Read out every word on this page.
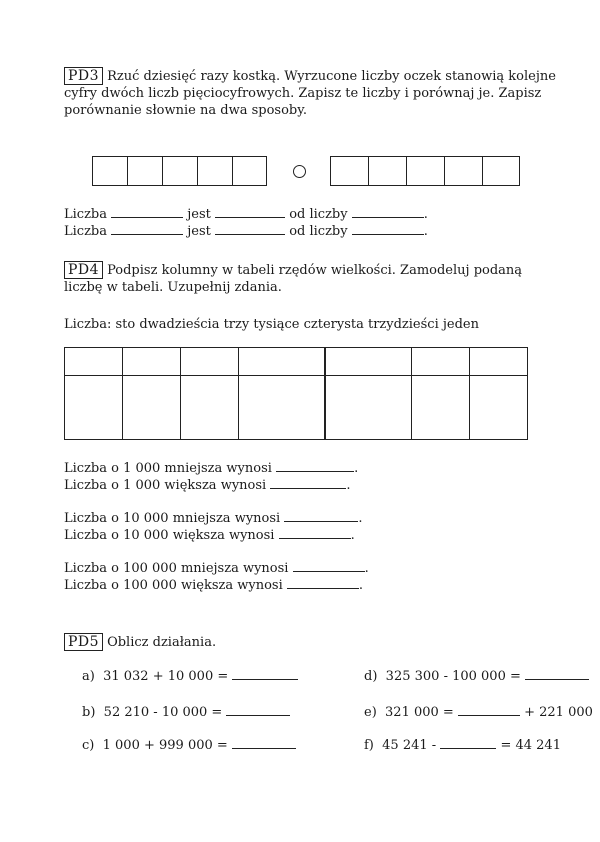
PD3 Rzuć dziesięć razy kostką. Wyrzucone liczby oczek stanowią kolejne
cyfry dwóch liczb pięciocyfrowych. Zapisz te liczby i porównaj je. Zapisz
porównanie słownie na dwa sposoby.
Liczba	jest	od liczby	.
Liczba	jest	od liczby	.
PD4 Podpisz kolumny w tabeli rzędów wielkości. Zamodeluj podaną
liczbę w tabeli. Uzupełnij zdania.
Liczba: sto dwadzieścia trzy tysiące czterysta trzydzieści jeden

Liczba o 1 000 mniejsza wynosi	.
Liczba o 1 000 większa wynosi	.
Liczba o 10 000 mniejsza wynosi	.
Liczba o 10 000 większa wynosi	.
Liczba o 100 000 mniejsza wynosi	.
Liczba o 100 000 większa wynosi	.
PD5 Oblicz działania.
a) 31 032 + 10 000 =
b) 52 210 - 10 000 =
c) 1 000 + 999 000 =
d) 325 300 - 100 000 =
e) 321 000 =	+ 221 000
f) 45 241 -	= 44 241
